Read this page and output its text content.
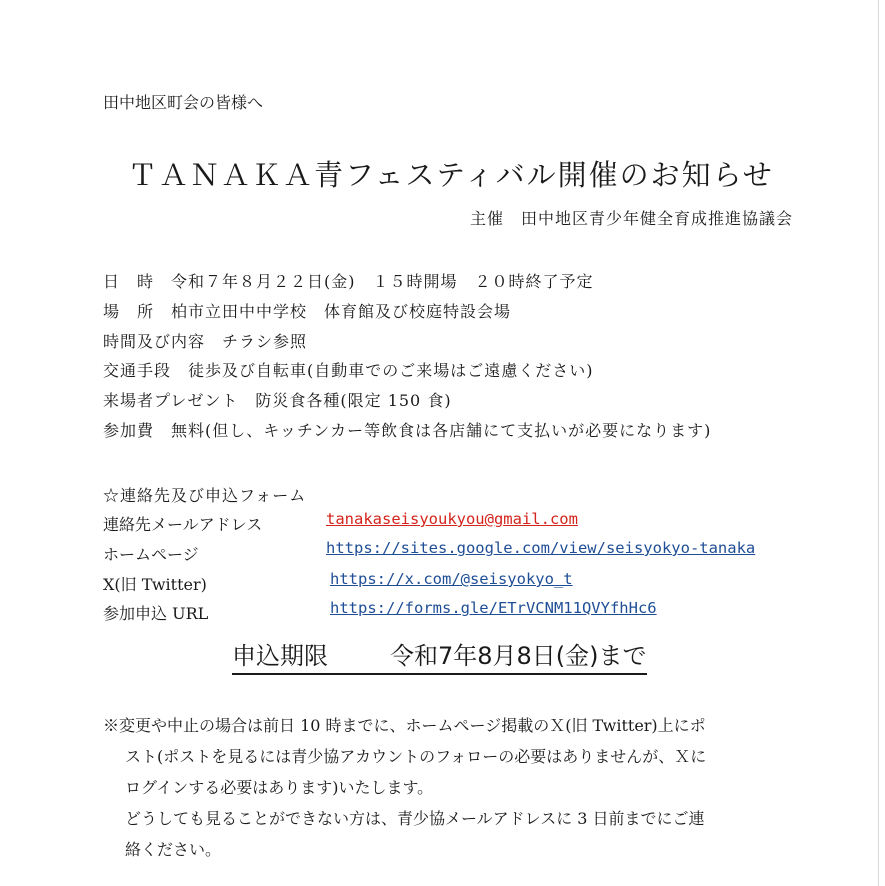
田中地区町会の皆様へ
ＴＡＮＡＫＡ青フェスティバル開催のお知らせ
主催　田中地区青少年健全育成推進協議会
日　時　令和７年８月２２日(金)　１５時開場　２０時終了予定
場　所　柏市立田中中学校　体育館及び校庭特設会場
時間及び内容　チラシ参照
交通手段　徒歩及び自転車(自動車でのご来場はご遠慮ください)
来場者プレゼント　防災食各種(限定 150 食)
参加費　無料(但し、キッチンカー等飲食は各店舗にて支払いが必要になります)
☆連絡先及び申込フォーム
連絡先メールアドレス	tanakaseisyoukyou@gmail.com
ホームページ	https://sites.google.com/view/seisyokyo-tanaka
X(旧 Twitter)	https://x.com/@seisyokyo_t
参加申込 URL	https://forms.gle/ETrVCNM11QVYfhHc6
申込期限	令和7年8月8日(金)まで
※変更や中止の場合は前日 10 時までに、ホームページ掲載のＸ(旧 Twitter)上にポ
スト(ポストを見るには青少協アカウントのフォローの必要はありませんが、Ｘに
ログインする必要はあります)いたします。
どうしても見ることができない方は、青少協メールアドレスに 3 日前までにご連
絡ください。
